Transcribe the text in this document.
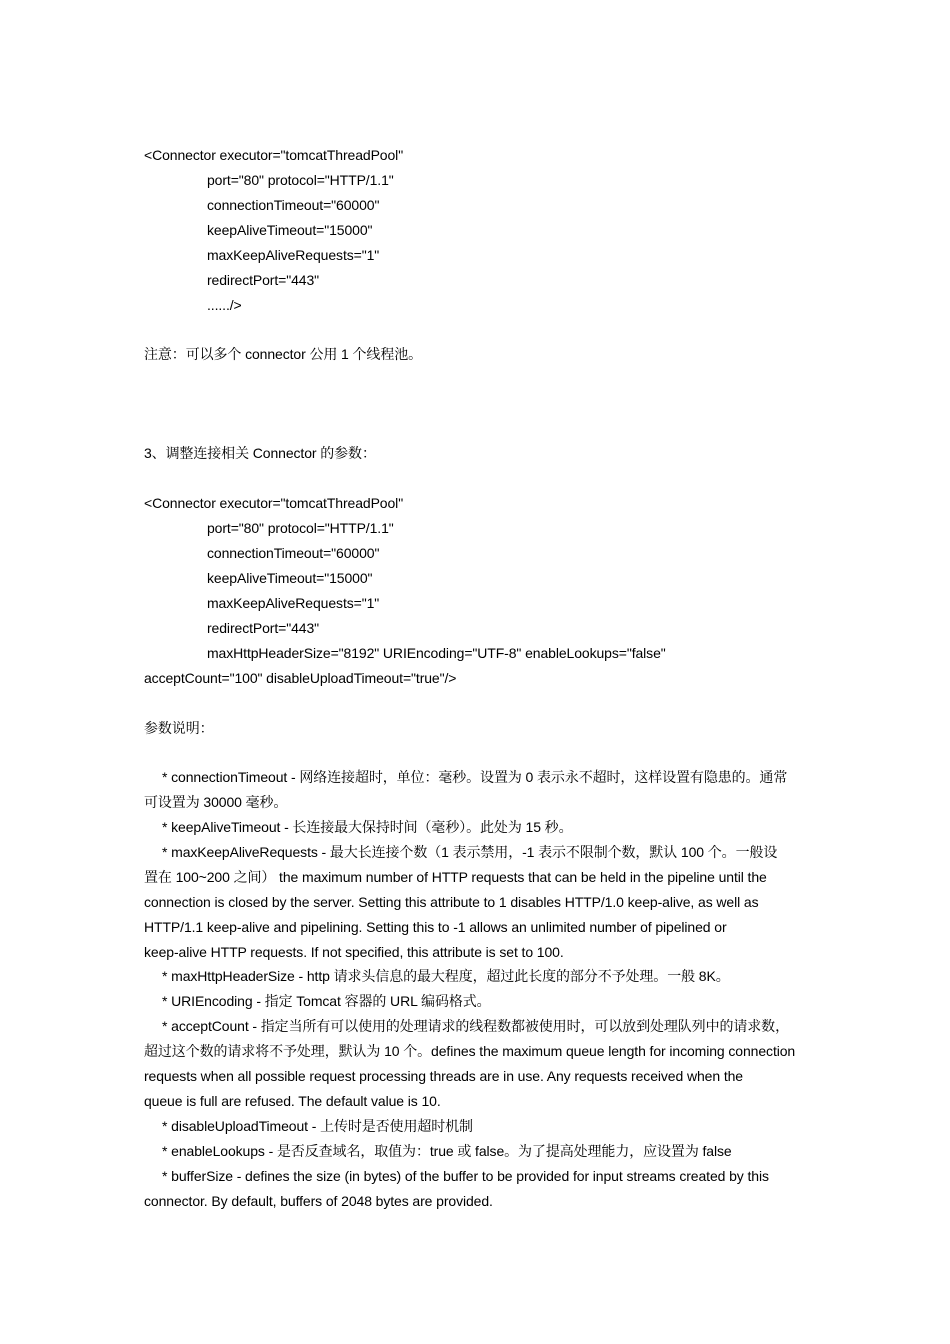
<Connector executor="tomcatThreadPool"
port="80" protocol="HTTP/1.1"
connectionTimeout="60000"
keepAliveTimeout="15000"
maxKeepAliveRequests="1"
redirectPort="443"
....../>
注意：可以多个 connector 公用 1 个线程池。
3、调整连接相关 Connector 的参数：
<Connector executor="tomcatThreadPool"
port="80" protocol="HTTP/1.1"
connectionTimeout="60000"
keepAliveTimeout="15000"
maxKeepAliveRequests="1"
redirectPort="443"
maxHttpHeaderSize="8192" URIEncoding="UTF-8" enableLookups="false"
acceptCount="100" disableUploadTimeout="true"/>
参数说明：
* connectionTimeout - 网络连接超时，单位：毫秒。设置为 0 表示永不超时，这样设置有隐患的。通常
可设置为 30000 毫秒。
* keepAliveTimeout - 长连接最大保持时间（毫秒）。此处为 15 秒。
* maxKeepAliveRequests - 最大长连接个数（1 表示禁用，-1 表示不限制个数，默认 100 个。一般设
置在 100~200 之间） the maximum number of HTTP requests that can be held in the pipeline until the
connection is closed by the server. Setting this attribute to 1 disables HTTP/1.0 keep-alive, as well as
HTTP/1.1 keep-alive and pipelining. Setting this to -1 allows an unlimited number of pipelined or
keep-alive HTTP requests. If not specified, this attribute is set to 100.
* maxHttpHeaderSize - http 请求头信息的最大程度，超过此长度的部分不予处理。一般 8K。
* URIEncoding - 指定 Tomcat 容器的 URL 编码格式。
* acceptCount - 指定当所有可以使用的处理请求的线程数都被使用时，可以放到处理队列中的请求数，
超过这个数的请求将不予处理，默认为 10 个。defines the maximum queue length for incoming connection
requests when all possible request processing threads are in use. Any requests received when the
queue is full are refused. The default value is 10.
* disableUploadTimeout - 上传时是否使用超时机制
* enableLookups - 是否反查域名，取值为：true 或 false。为了提高处理能力，应设置为 false
* bufferSize - defines the size (in bytes) of the buffer to be provided for input streams created by this
connector. By default, buffers of 2048 bytes are provided.
